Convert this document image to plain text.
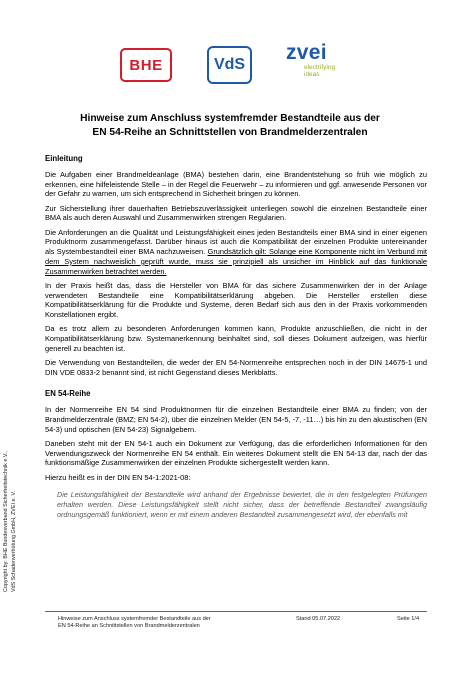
BHE	VdS
zvei
electrifying
ideas
Hinweise zum Anschluss systemfremder Bestandteile aus der
EN 54-Reihe an Schnittstellen von Brandmelderzentralen
Copyright by: BHE Bundesverband Sicherheitstechnik e.V., VdS Schadenverhütung GmbH, ZVEI e. V.
Einleitung

Die Aufgaben einer Brandmeldeanlage (BMA) bestehen darin, eine Brandentstehung so früh wie möglich zu erkennen, eine hilfeleistende Stelle – in der Regel die Feuerwehr – zu informieren und ggf. anwesende Personen vor der Gefahr zu warnen, um sich entsprechend in Sicherheit bringen zu können.

Zur Sicherstellung ihrer dauerhaften Betriebszuverlässigkeit unterliegen sowohl die einzelnen Bestandteile einer BMA als auch deren Auswahl und Zusammenwirken strengen Regularien.

Die Anforderungen an die Qualität und Leistungsfähigkeit eines jeden Bestandteils einer BMA sind in einer eigenen Produktnorm zusammengefasst. Darüber hinaus ist auch die Kompatibilität der einzelnen Produkte untereinander als Systembestandteil einer BMA nachzuweisen. Grundsätzlich gilt: Solange eine Komponente nicht im Verbund mit dem System nachweislich geprüft wurde, muss sie prinzipiell als unsicher im Hinblick auf das funktionale Zusammenwirken betrachtet werden.

In der Praxis heißt das, dass die Hersteller von BMA für das sichere Zusammenwirken der in der Anlage verwendeten Bestandteile eine Kompatibilitätserklärung abgeben. Die Hersteller erstellen diese Kompatibilitätserklärung für die Produkte und Systeme, deren Bedarf sich aus den in der Praxis vorkommenden Konstellationen ergibt.

Da es trotz allem zu besonderen Anforderungen kommen kann, Produkte anzuschließen, die nicht in der Kompatibilitätserklärung bzw. Systemanerkennung beinhaltet sind, soll dieses Dokument aufzeigen, was hierfür generell zu beachten ist.

Die Verwendung von Bestandteilen, die weder der EN 54-Normenreihe entsprechen noch in der DIN 14675-1 und DIN VDE 0833-2 benannt sind, ist nicht Gegenstand dieses Merkblatts.

EN 54-Reihe

In der Normenreihe EN 54 sind Produktnormen für die einzelnen Bestandteile einer BMA zu finden; von der Brandmelderzentrale (BMZ; EN 54-2), über die einzelnen Melder (EN 54-5, -7, -11…) bis hin zu den akustischen (EN 54-3) und optischen (EN 54-23) Signalgebern.

Daneben steht mit der EN 54-1 auch ein Dokument zur Verfügung, das die erforderlichen Informationen für den Verwendungszweck der Normenreihe EN 54 enthält. Ein weiteres Dokument stellt die EN 54-13 dar, nach der das funktionsmäßige Zusammenwirken der einzelnen Produkte sichergestellt werden kann.

Hierzu heißt es in der DIN EN 54-1:2021-08:

Die Leistungsfähigkeit der Bestandteile wird anhand der Ergebnisse bewertet, die in den festgelegten Prüfungen erhalten werden. Diese Leistungsfähigkeit stellt nicht sicher, dass der betreffende Bestandteil zwangsläufig ordnungsgemäß funktioniert, wenn er mit einem anderen Bestandteil zusammengesetzt wird, der ebenfalls mit
Hinweise zum Anschluss systemfremder Bestandteile aus der
EN 54-Reihe an Schnittstellen von Brandmelderzentralen
Stand 05.07.2022	Seite 1/4
